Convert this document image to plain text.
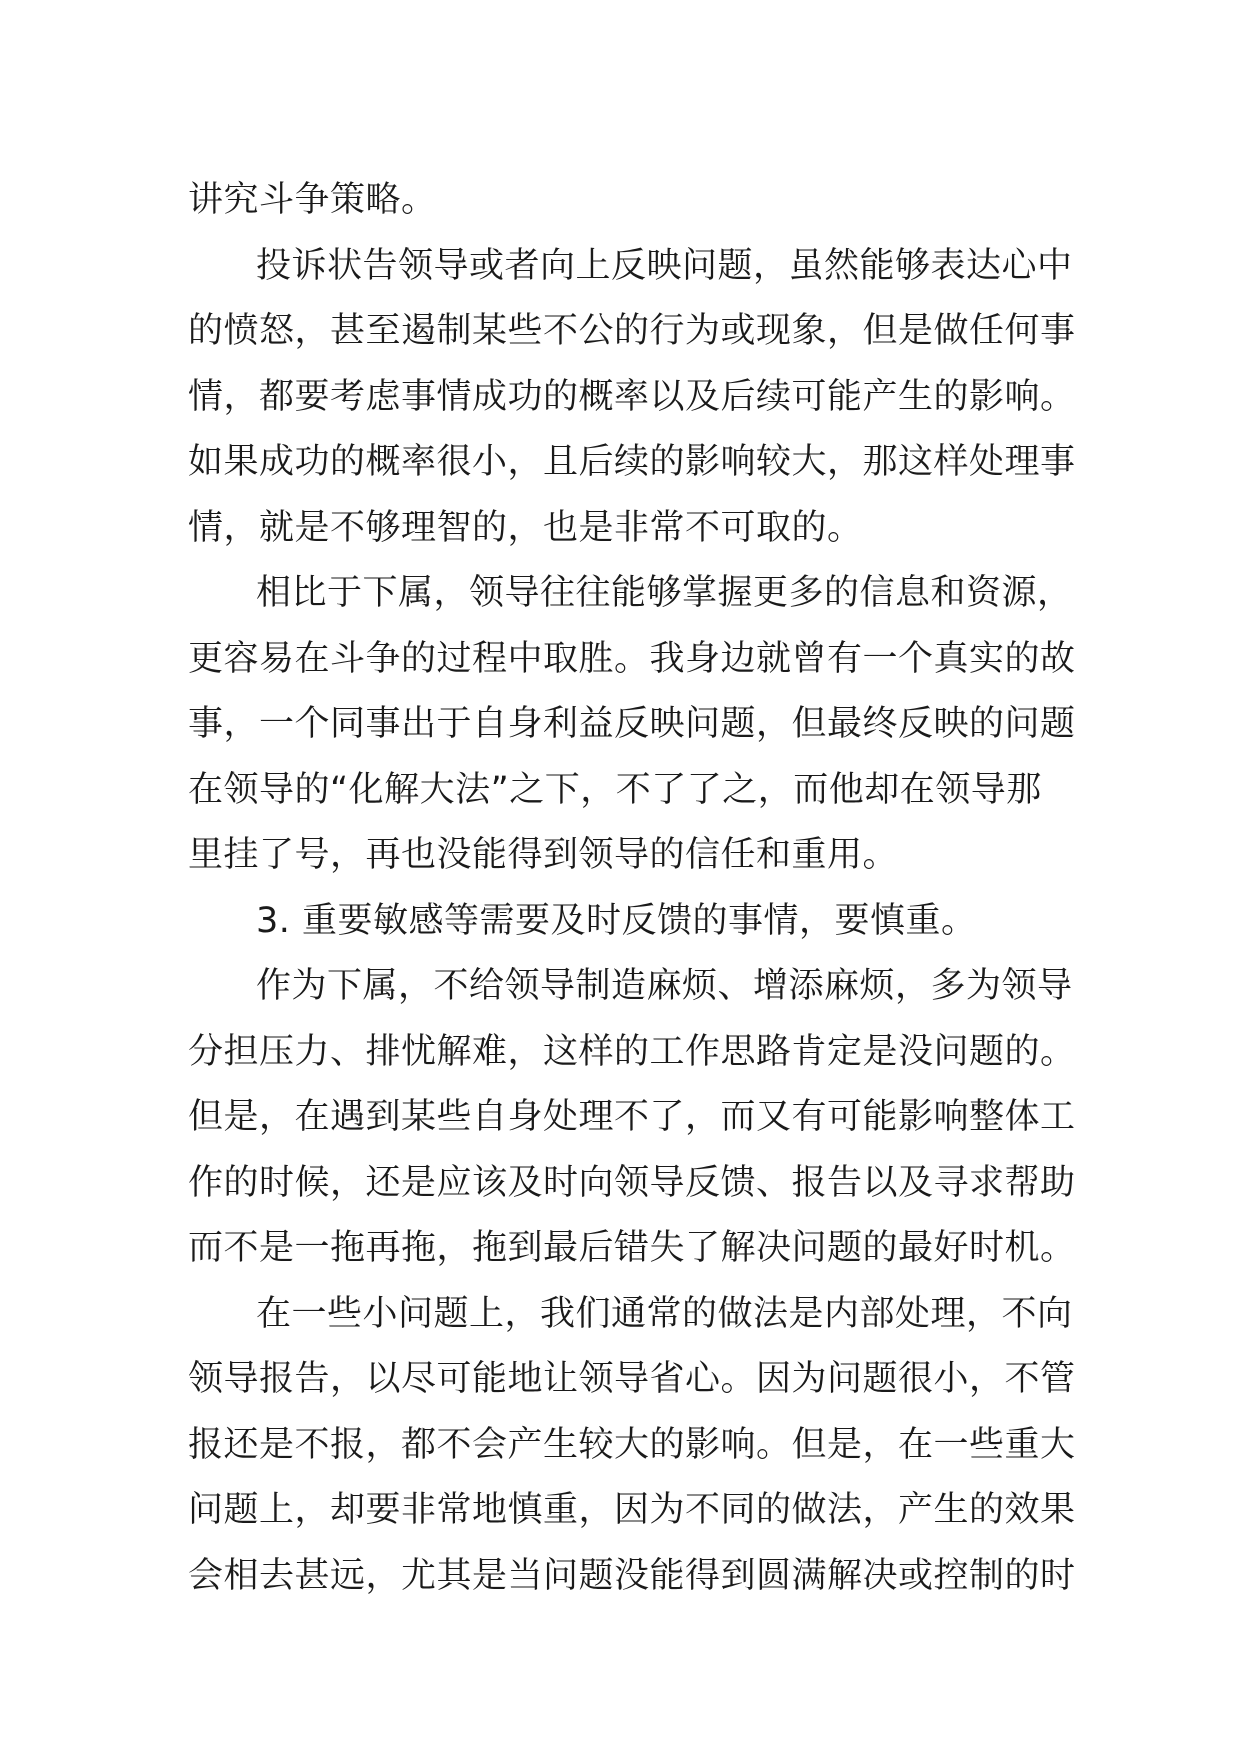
讲究斗争策略。
投诉状告领导或者向上反映问题，虽然能够表达心中
的愤怒，甚至遏制某些不公的行为或现象，但是做任何事
情，都要考虑事情成功的概率以及后续可能产生的影响。
如果成功的概率很小，且后续的影响较大，那这样处理事
情，就是不够理智的，也是非常不可取的。
相比于下属，领导往往能够掌握更多的信息和资源，
更容易在斗争的过程中取胜。我身边就曾有一个真实的故
事，一个同事出于自身利益反映问题，但最终反映的问题
在领导的“化解大法”之下，不了了之，而他却在领导那
里挂了号，再也没能得到领导的信任和重用。
3. 重要敏感等需要及时反馈的事情，要慎重。
作为下属，不给领导制造麻烦、增添麻烦，多为领导
分担压力、排忧解难，这样的工作思路肯定是没问题的。
但是，在遇到某些自身处理不了，而又有可能影响整体工
作的时候，还是应该及时向领导反馈、报告以及寻求帮助
而不是一拖再拖，拖到最后错失了解决问题的最好时机。
在一些小问题上，我们通常的做法是内部处理，不向
领导报告，以尽可能地让领导省心。因为问题很小，不管
报还是不报，都不会产生较大的影响。但是，在一些重大
问题上，却要非常地慎重，因为不同的做法，产生的效果
会相去甚远，尤其是当问题没能得到圆满解决或控制的时
